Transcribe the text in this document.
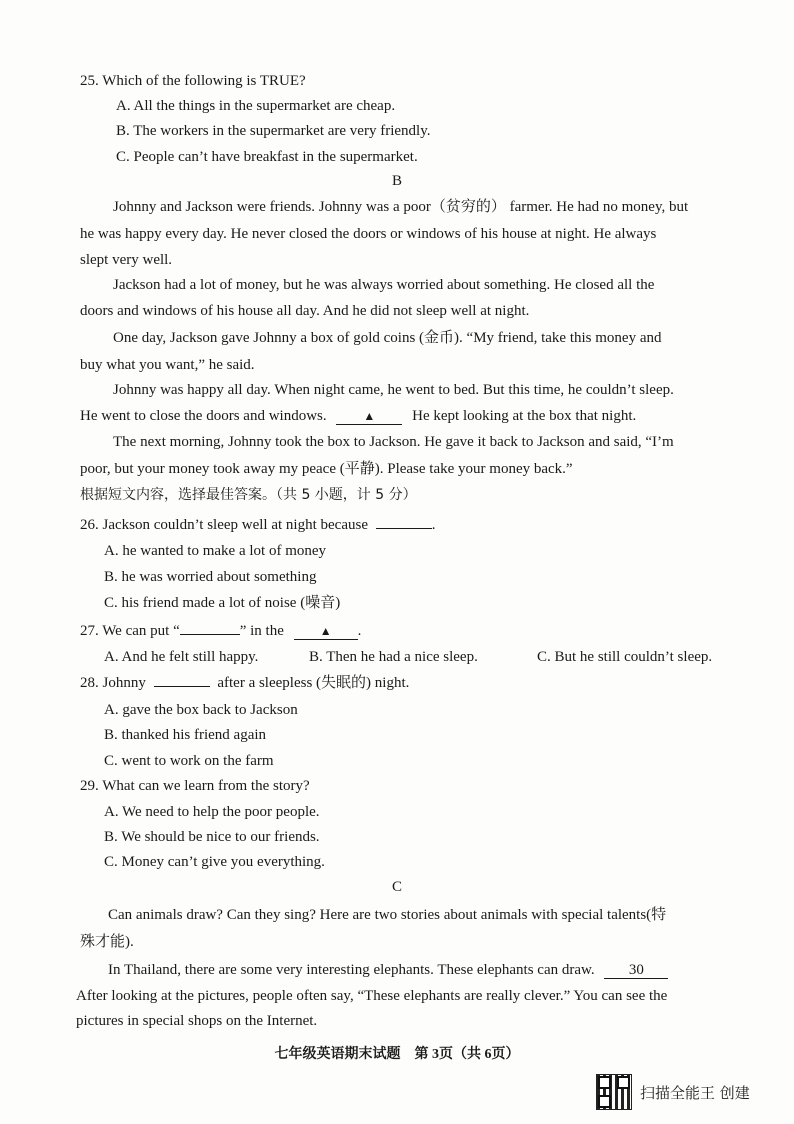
25. Which of the following is TRUE?
A. All the things in the supermarket are cheap.
B. The workers in the supermarket are very friendly.
C. People can’t have breakfast in the supermarket.
B
Johnny and Jackson were friends. Johnny was a poor（贫穷的） farmer. He had no money, but
he was happy every day. He never closed the doors or windows of his house at night. He always
slept very well.
Jackson had a lot of money, but he was always worried about something. He closed all the
doors and windows of his house all day. And he did not sleep well at night.
One day, Jackson gave Johnny a box of gold coins (金币). “My friend, take this money and
buy what you want,” he said.
Johnny was happy all day. When night came, he went to bed. But this time, he couldn’t sleep.
He went to close the doors and windows.	▲ He kept looking at the box that night.
The next morning, Johnny took the box to Jackson. He gave it back to Jackson and said, “I’m
poor, but your money took away my peace (平静). Please take your money back.”
根据短文内容，选择最佳答案。（共 5 小题，计 5 分）
26. Jackson couldn’t sleep well at night because	.
A. he wanted to make a lot of money
B. he was worried about something
C. his friend made a lot of noise (噪音)
27. We can put “	” in the	▲ .
A. And he felt still happy.	B. Then he had a nice sleep.	C. But he still couldn’t sleep.
28. Johnny	after a sleepless (失眠的) night.
A. gave the box back to Jackson
B. thanked his friend again
C. went to work on the farm
29. What can we learn from the story?
A. We need to help the poor people.
B. We should be nice to our friends.
C. Money can’t give you everything.
C
Can animals draw? Can they sing? Here are two stories about animals with special talents(特
殊才能).
In Thailand, there are some very interesting elephants. These elephants can draw. 30
After looking at the pictures, people often say, “These elephants are really clever.” You can see the
pictures in special shops on the Internet.
七年级英语期末试题　第 3页（共 6页）
扫描全能王 创建
